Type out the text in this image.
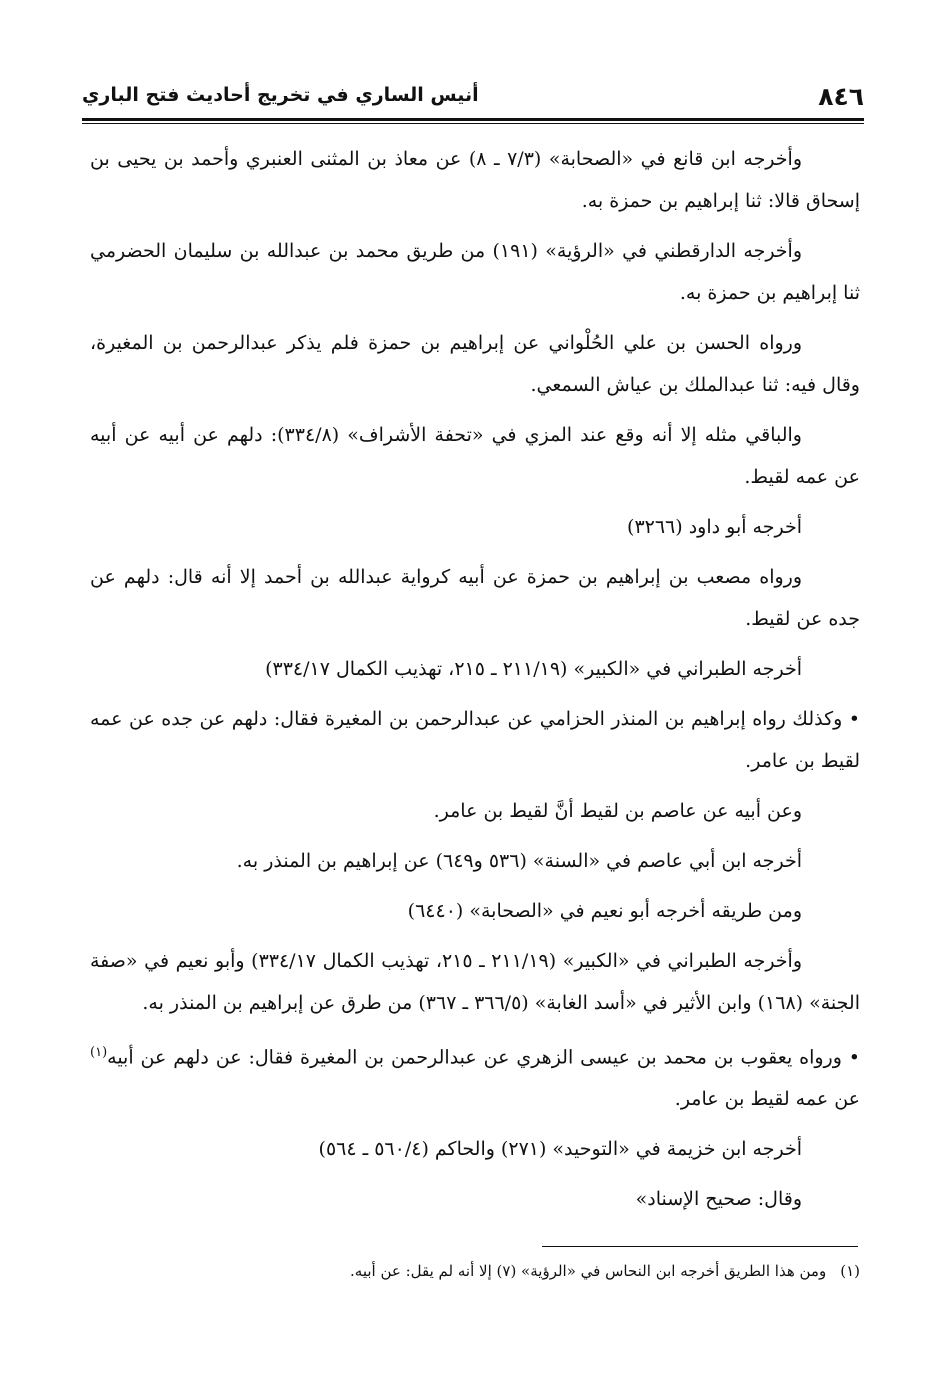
٨٤٦
أنيس الساري في تخريج أحاديث فتح الباري

وأخرجه ابن قانع في «الصحابة» (٧/٣ ـ ٨) عن معاذ بن المثنى العنبري وأحمد بن يحيى بن إسحاق قالا: ثنا إبراهيم بن حمزة به.

وأخرجه الدارقطني في «الرؤية» (١٩١) من طريق محمد بن عبدالله بن سليمان الحضرمي ثنا إبراهيم بن حمزة به.

ورواه الحسن بن علي الحُلْواني عن إبراهيم بن حمزة فلم يذكر عبدالرحمن بن المغيرة، وقال فيه: ثنا عبدالملك بن عياش السمعي.

والباقي مثله إلا أنه وقع عند المزي في «تحفة الأشراف» (٣٣٤/٨): دلهم عن أبيه عن أبيه عن عمه لقيط.

أخرجه أبو داود (٣٢٦٦)

ورواه مصعب بن إبراهيم بن حمزة عن أبيه كرواية عبدالله بن أحمد إلا أنه قال: دلهم عن جده عن لقيط.

أخرجه الطبراني في «الكبير» (٢١١/١٩ ـ ٢١٥، تهذيب الكمال ٣٣٤/١٧)

• وكذلك رواه إبراهيم بن المنذر الحزامي عن عبدالرحمن بن المغيرة فقال: دلهم عن جده عن عمه لقيط بن عامر.

وعن أبيه عن عاصم بن لقيط أنَّ لقيط بن عامر.

أخرجه ابن أبي عاصم في «السنة» (٥٣٦ و٦٤٩) عن إبراهيم بن المنذر به.

ومن طريقه أخرجه أبو نعيم في «الصحابة» (٦٤٤٠)

وأخرجه الطبراني في «الكبير» (٢١١/١٩ ـ ٢١٥، تهذيب الكمال ٣٣٤/١٧) وأبو نعيم في «صفة الجنة» (١٦٨) وابن الأثير في «أسد الغابة» (٣٦٦/٥ ـ ٣٦٧) من طرق عن إبراهيم بن المنذر به.

• ورواه يعقوب بن محمد بن عيسى الزهري عن عبدالرحمن بن المغيرة فقال: عن دلهم عن أبيه$^{(١)}$ عن عمه لقيط بن عامر.

أخرجه ابن خزيمة في «التوحيد» (٢٧١) والحاكم (٥٦٠/٤ ـ ٥٦٤)

وقال: صحيح الإسناد»

(١)ومن هذا الطريق أخرجه ابن النحاس في «الرؤية» (٧) إلا أنه لم يقل: عن أبيه.
